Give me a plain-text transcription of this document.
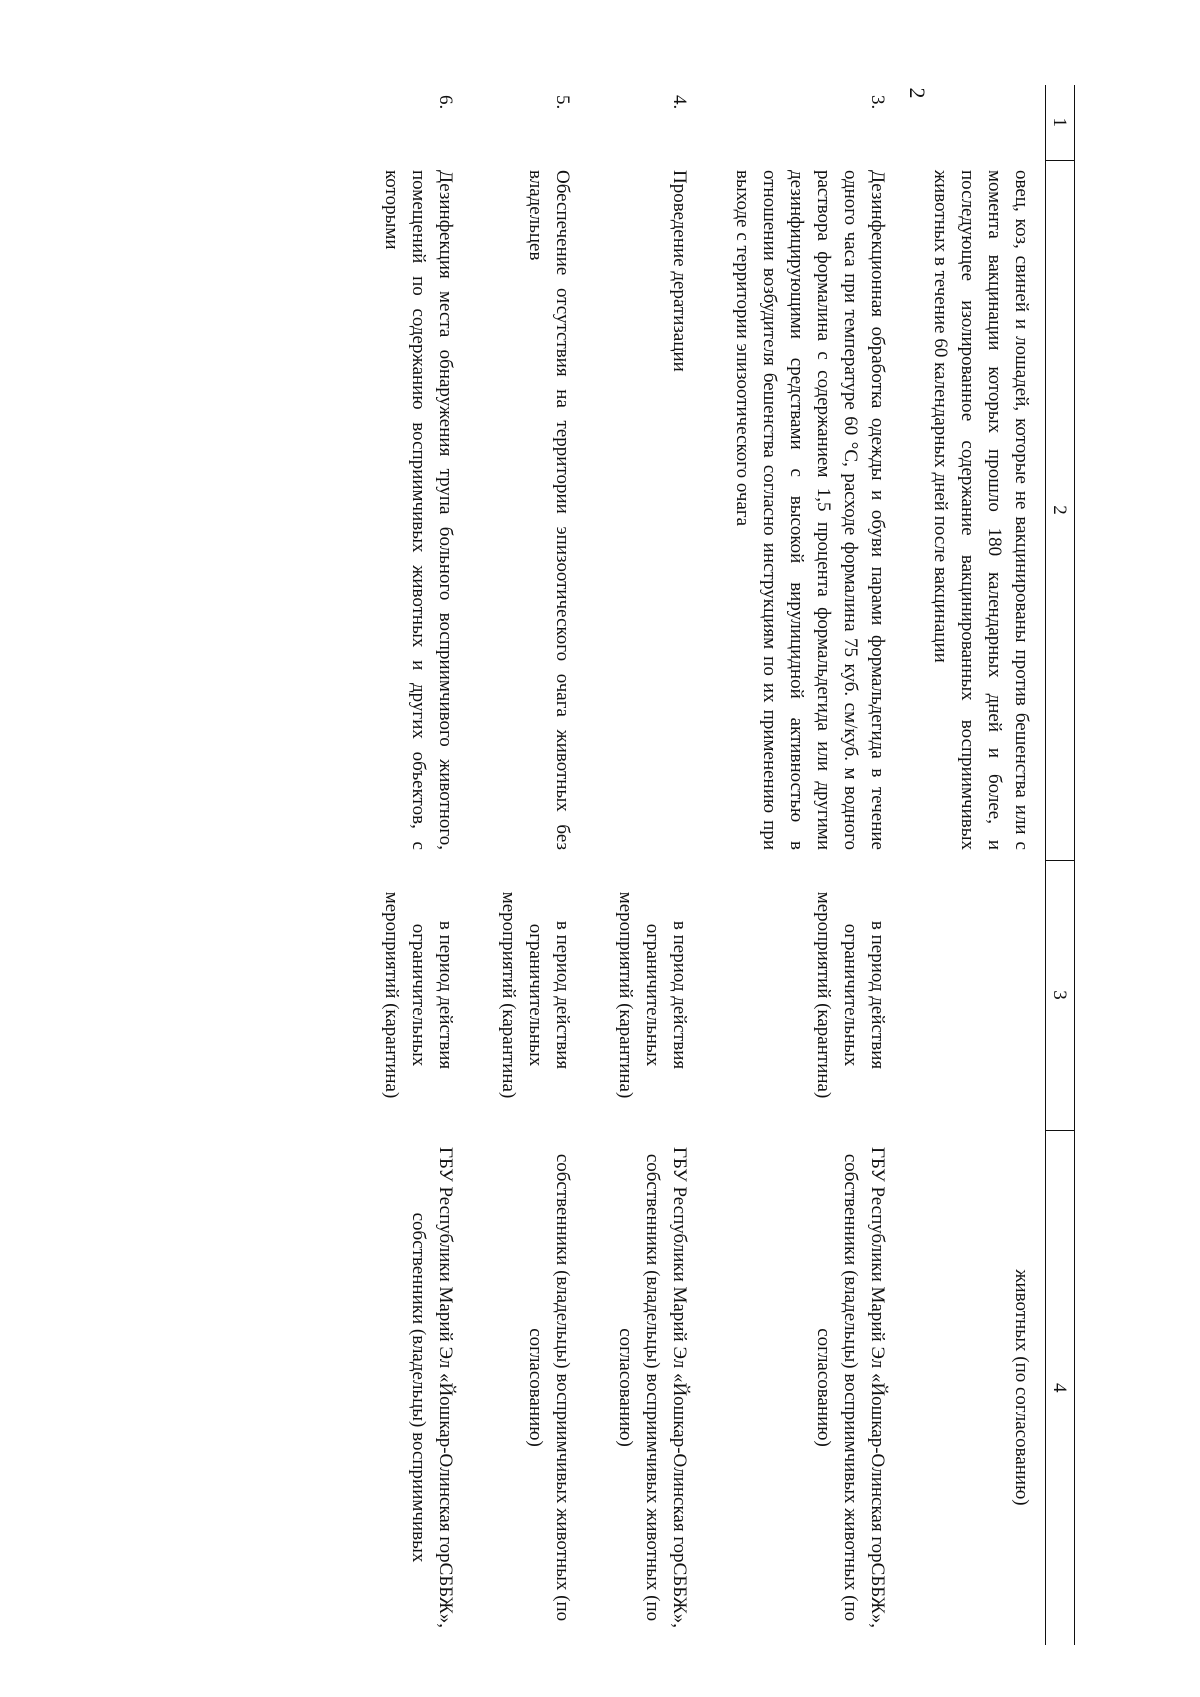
2
1	2	3	4
	овец, коз, свиней и лошадей, которые не вакцинированы против бешенства или с момента вакцинации которых прошло 180 календарных дней и более, и последующее изолированное содержание вакцинированных восприимчивых животных в течение 60 календарных дней после вакцинации		животных (по согласованию)
3.	Дезинфекционная обработка одежды и обуви парами формальдегида в течение одного часа при температуре 60 °С, расходе формалина 75 куб. см/куб. м водного раствора формалина с содержанием 1,5 процента формальдегида или другими дезинфицирующими средствами с высокой вирулицидной активностью в отношении возбудителя бешенства согласно инструкциям по их применению при выходе с территории эпизоотического очага	в период действия ограничительных мероприятий (карантина)	ГБУ Республики Марий Эл «Йошкар-Олинская горСББЖ», собственники (владельцы) восприимчивых животных (по согласованию)
4.	Проведение дератизации	в период действия ограничительных мероприятий (карантина)	ГБУ Республики Марий Эл «Йошкар-Олинская горСББЖ», собственники (владельцы) восприимчивых животных (по согласованию)
5.	Обеспечение отсутствия на территории эпизоотического очага животных без владельцев	в период действия ограничительных мероприятий (карантина)	собственники (владельцы) восприимчивых животных (по согласованию)
6.	Дезинфекция места обнаружения трупа больного восприимчивого животного, помещений по содержанию восприимчивых животных и других объектов, с которыми	в период действия ограничительных мероприятий (карантина)	ГБУ Республики Марий Эл «Йошкар-Олинская горСББЖ», собственники (владельцы) восприимчивых
